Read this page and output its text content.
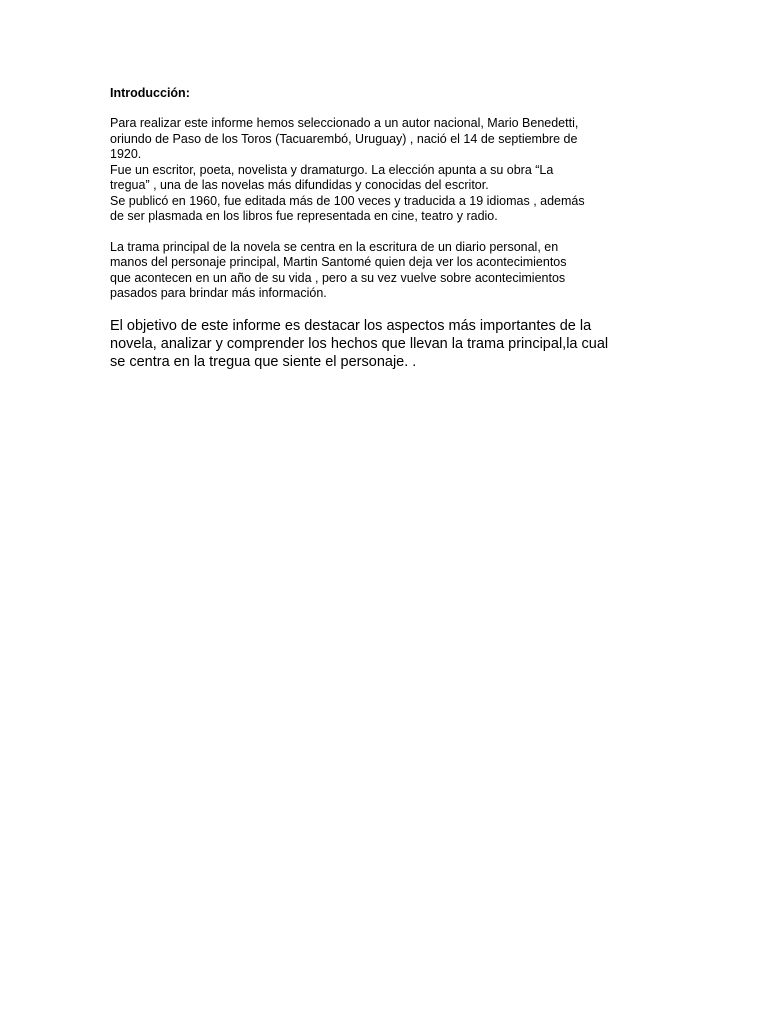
Introducción:

Para realizar este informe hemos seleccionado a un autor nacional, Mario Benedetti,
oriundo de Paso de los Toros (Tacuarembó, Uruguay) , nació el 14 de septiembre de
1920.
Fue un escritor, poeta, novelista y dramaturgo. La elección apunta a su obra “La
tregua” , una de las novelas más difundidas y conocidas del escritor.
Se publicó en 1960, fue editada más de 100 veces y traducida a 19 idiomas , además
de ser plasmada en los libros fue representada en cine, teatro y radio.

La trama principal de la novela se centra en la escritura de un diario personal, en
manos del personaje principal, Martin Santomé quien deja ver los acontecimientos
que acontecen en un año de su vida , pero a su vez vuelve sobre acontecimientos
pasados para brindar más información.

El objetivo de este informe es destacar los aspectos más importantes de la
novela, analizar y comprender los hechos que llevan la trama principal,la cual
se centra en la tregua que siente el personaje. .
